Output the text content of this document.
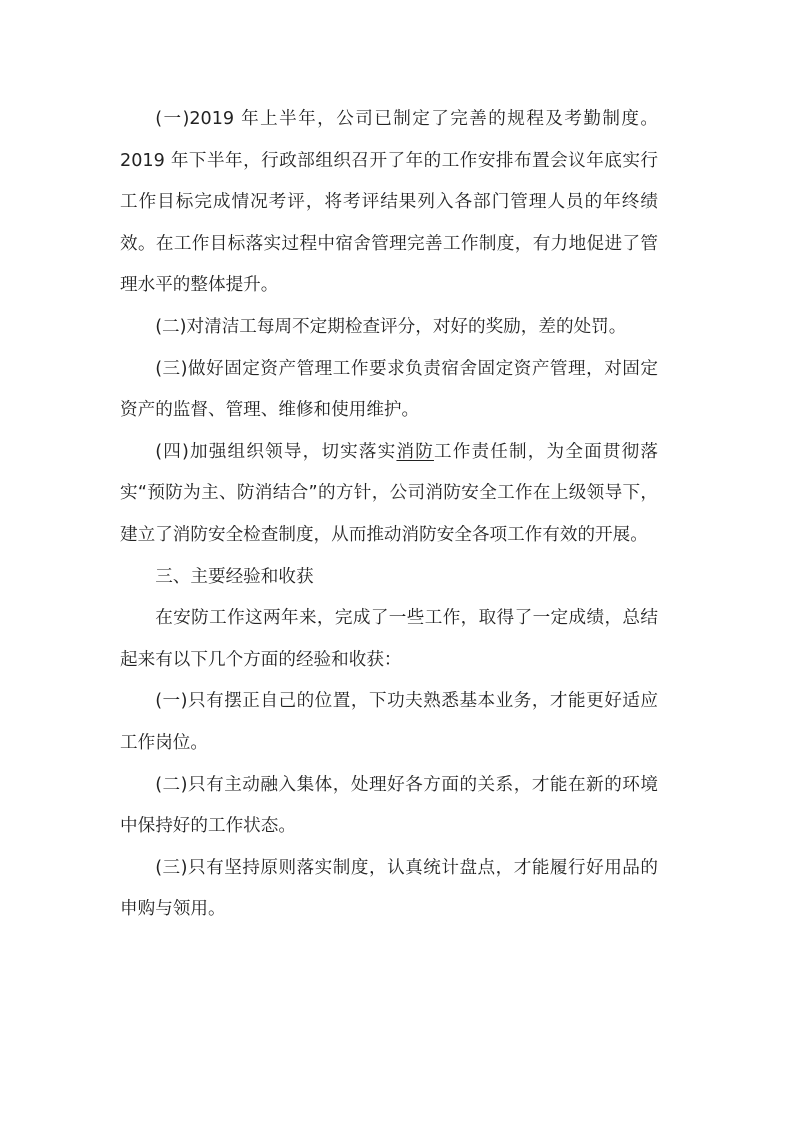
(一)2019 年上半年，公司已制定了完善的规程及考勤制度。2019 年下半年，行政部组织召开了年的工作安排布置会议年底实行工作目标完成情况考评，将考评结果列入各部门管理人员的年终绩效。在工作目标落实过程中宿舍管理完善工作制度，有力地促进了管理水平的整体提升。

(二)对清洁工每周不定期检查评分，对好的奖励，差的处罚。

(三)做好固定资产管理工作要求负责宿舍固定资产管理，对固定资产的监督、管理、维修和使用维护。

(四)加强组织领导，切实落实消防工作责任制，为全面贯彻落实“预防为主、防消结合”的方针，公司消防安全工作在上级领导下，建立了消防安全检查制度，从而推动消防安全各项工作有效的开展。

三、主要经验和收获

在安防工作这两年来，完成了一些工作，取得了一定成绩，总结起来有以下几个方面的经验和收获：

(一)只有摆正自己的位置，下功夫熟悉基本业务，才能更好适应工作岗位。

(二)只有主动融入集体，处理好各方面的关系，才能在新的环境中保持好的工作状态。

(三)只有坚持原则落实制度，认真统计盘点，才能履行好用品的申购与领用。
